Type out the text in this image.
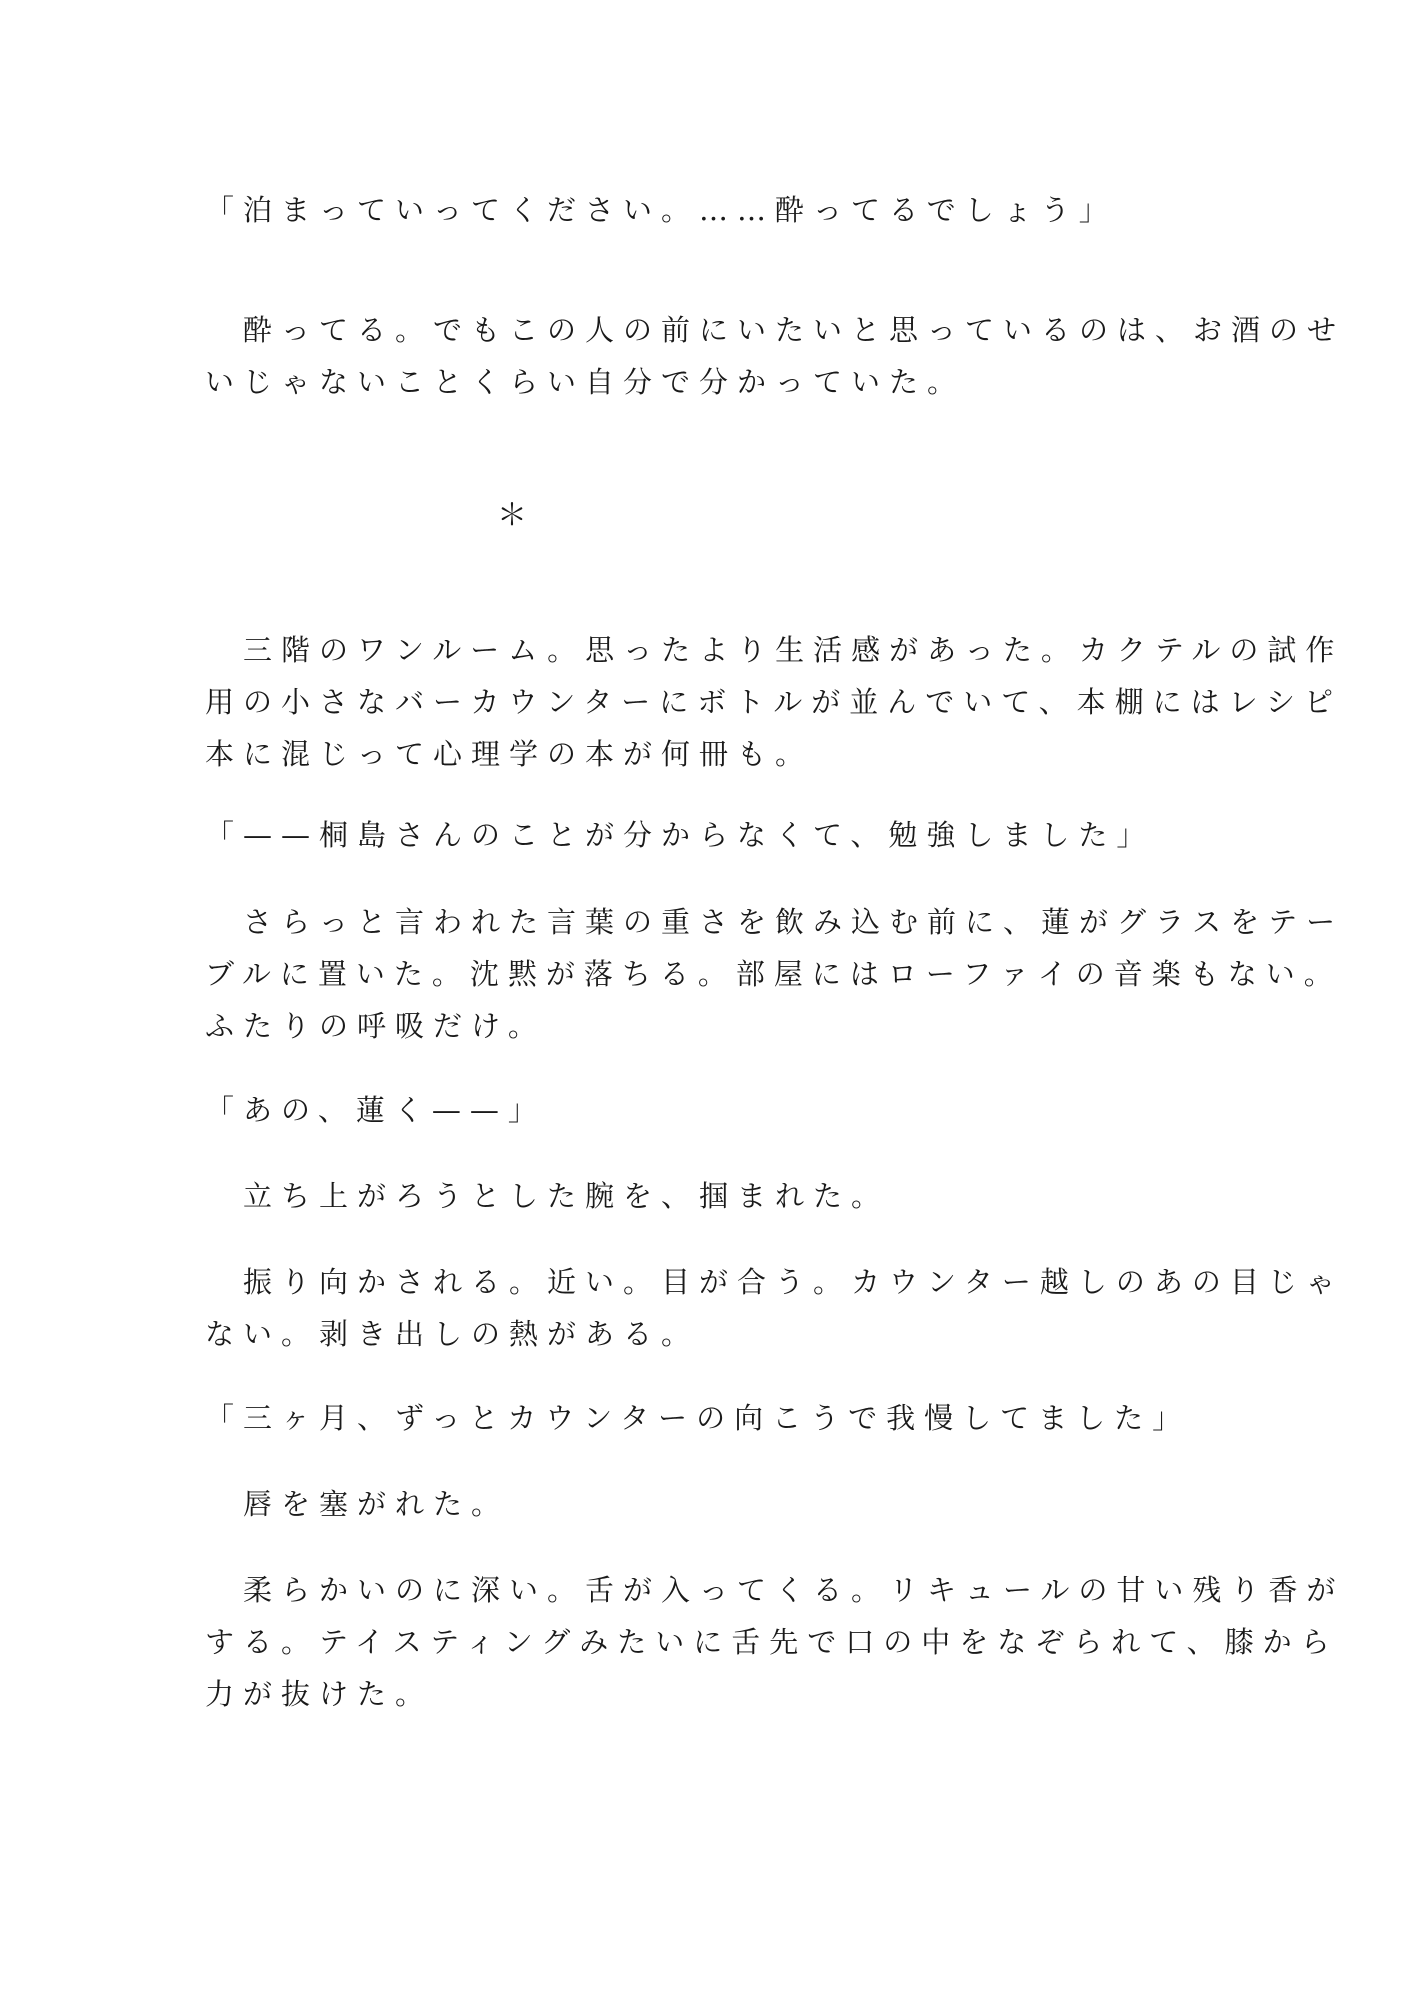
「泊まっていってください。……酔ってるでしょう」
　酔ってる。でもこの人の前にいたいと思っているのは、お酒のせ
いじゃないことくらい自分で分かっていた。
＊
　三階のワンルーム。思ったより生活感があった。カクテルの試作
用の小さなバーカウンターにボトルが並んでいて、本棚にはレシピ
本に混じって心理学の本が何冊も。
「——桐島さんのことが分からなくて、勉強しました」
　さらっと言われた言葉の重さを飲み込む前に、蓮がグラスをテー
ブルに置いた。沈黙が落ちる。部屋にはローファイの音楽もない。
ふたりの呼吸だけ。
「あの、蓮く——」
　立ち上がろうとした腕を、掴まれた。
　振り向かされる。近い。目が合う。カウンター越しのあの目じゃ
ない。剥き出しの熱がある。
「三ヶ月、ずっとカウンターの向こうで我慢してました」
　唇を塞がれた。
　柔らかいのに深い。舌が入ってくる。リキュールの甘い残り香が
する。テイスティングみたいに舌先で口の中をなぞられて、膝から
力が抜けた。
